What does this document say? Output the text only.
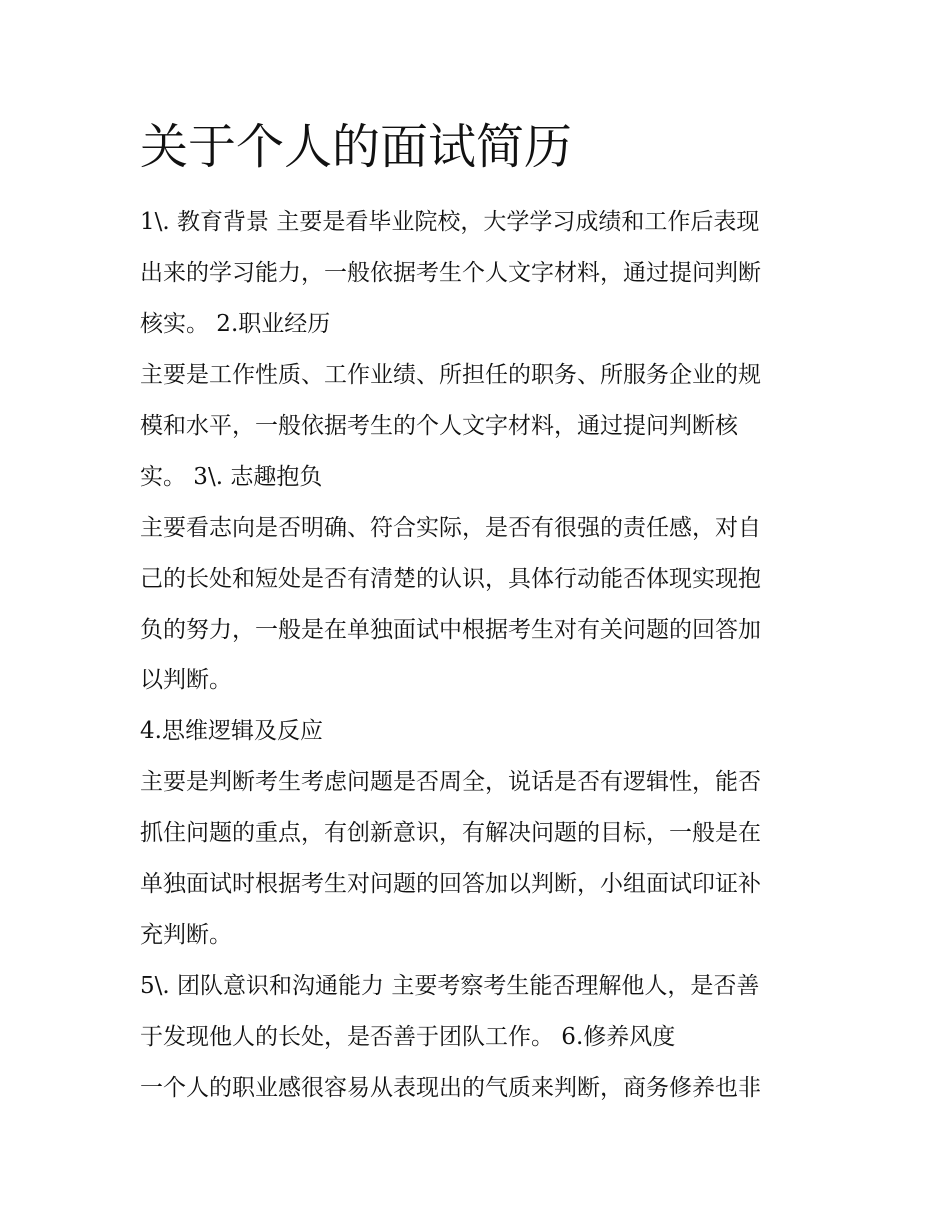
关于个人的面试简历

1\. 教育背景 主要是看毕业院校，大学学习成绩和工作后表现

出来的学习能力，一般依据考生个人文字材料，通过提问判断

核实。 2.职业经历

主要是工作性质、工作业绩、所担任的职务、所服务企业的规

模和水平，一般依据考生的个人文字材料，通过提问判断核

实。 3\. 志趣抱负

主要看志向是否明确、符合实际，是否有很强的责任感，对自

己的长处和短处是否有清楚的认识，具体行动能否体现实现抱

负的努力，一般是在单独面试中根据考生对有关问题的回答加

以判断。

4.思维逻辑及反应

主要是判断考生考虑问题是否周全，说话是否有逻辑性，能否

抓住问题的重点，有创新意识，有解决问题的目标，一般是在

单独面试时根据考生对问题的回答加以判断，小组面试印证补

充判断。

5\. 团队意识和沟通能力 主要考察考生能否理解他人，是否善

于发现他人的长处，是否善于团队工作。 6.修养风度

一个人的职业感很容易从表现出的气质来判断，商务修养也非
